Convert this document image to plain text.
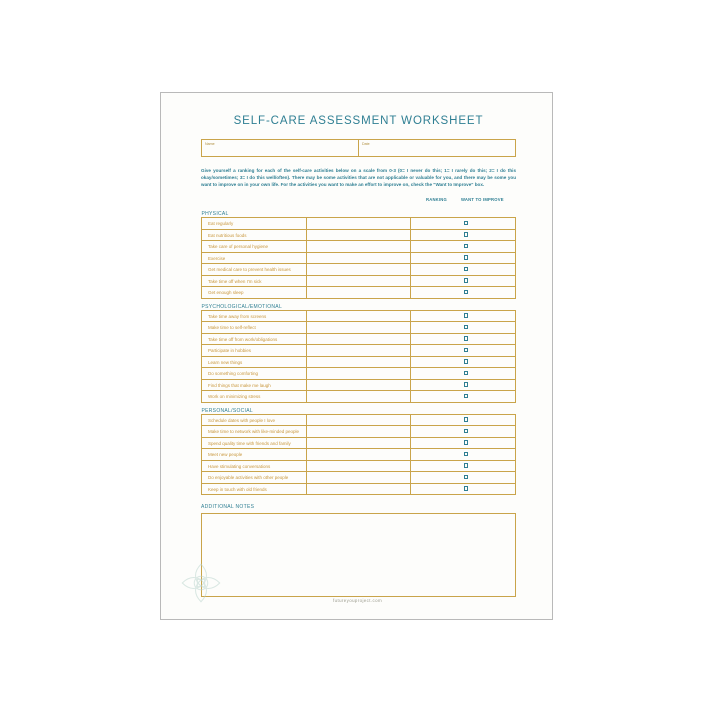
SELF-CARE ASSESSMENT WORKSHEET
Name	Date
Give yourself a ranking for each of the self-care activities below on a scale from 0-3 (0= I never do this; 1= I rarely do this; 2= I do this okay/sometimes; 3= I do this well/often). There may be some activities that are not applicable or valuable for you, and there may be some you want to improve on in your own life. For the activities you want to make an effort to improve on, check the "Want to Improve" box.
RANKING	WANT TO IMPROVE
PHYSICAL		
Eat regularly		
Eat nutritious foods		
Take care of personal hygiene		
Exercise		
Get medical care to prevent health issues		
Take time off when I'm sick		
Get enough sleep		
PSYCHOLOGICAL/EMOTIONAL		
Take time away from screens		
Make time to self-reflect		
Take time off from work/obligations		
Participate in hobbies		
Learn new things		
Do something comforting		
Find things that make me laugh		
Work on minimizing stress		
PERSONAL/SOCIAL		
Schedule dates with people I love		
Make time to network with like-minded people		
Spend quality time with friends and family		
Meet new people		
Have stimulating conversations		
Do enjoyable activities with other people		
Keep in touch with old friends		
ADDITIONAL NOTES
futureyouproject.com
